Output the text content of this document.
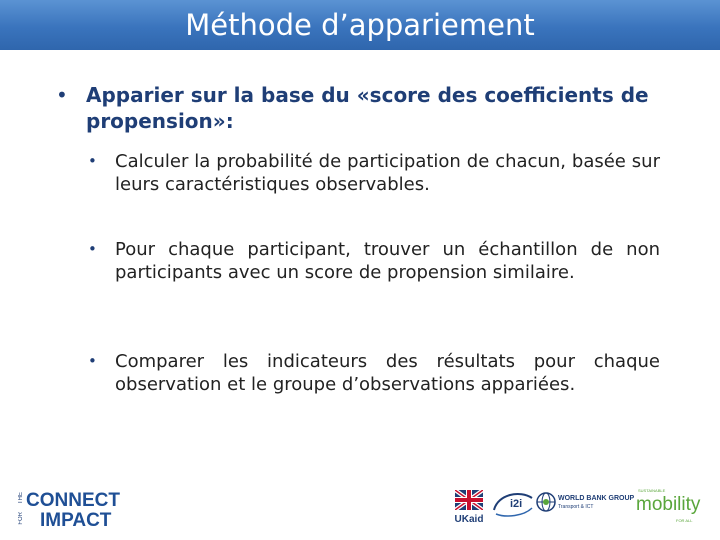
Méthode d’appariement
• Apparier sur la base du «score des coefficients de propension»:
•	Calculer la probabilité de participation de chacun, basée sur leurs caractéristiques observables.
•	Pour chaque participant, trouver un échantillon de non participants avec un score de propension similaire.
•	Comparer les indicateurs des résultats pour chaque observation et le groupe d’observations appariées.
THE CONNECT
FOR IMPACT	UKaid
i2i	WORLD BANK GROUP
Transport & ICT
SUSTAINABLE
mobility
FOR ALL
